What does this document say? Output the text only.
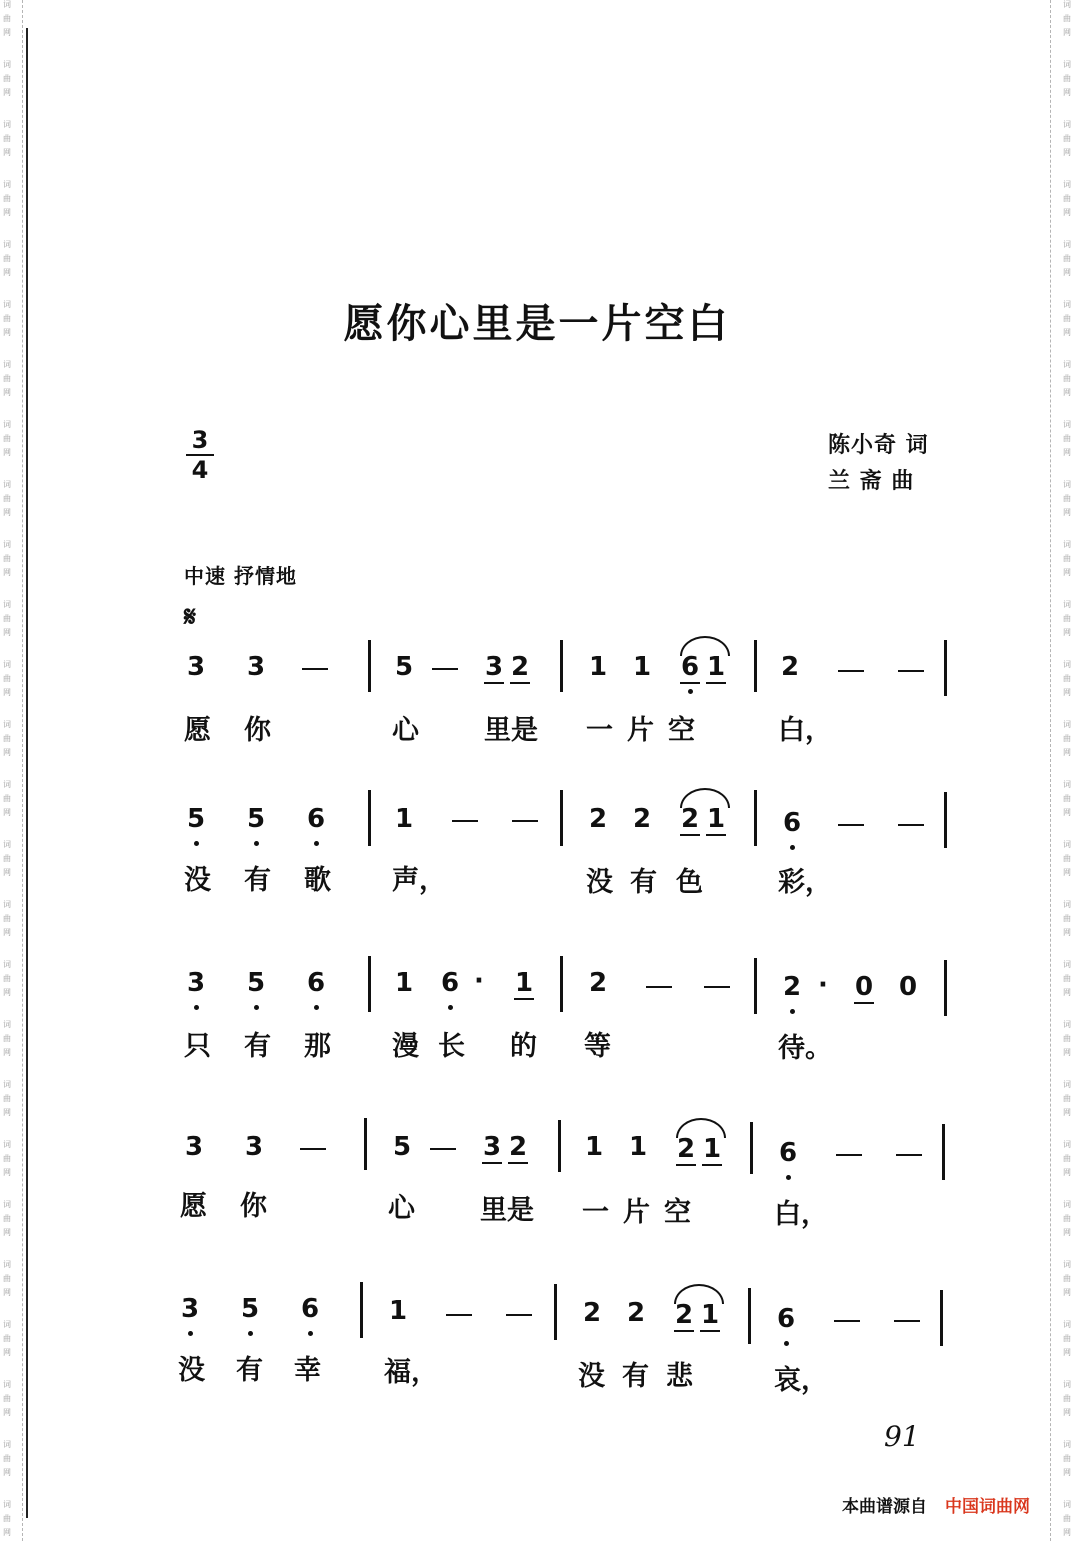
词
曲
网
词
曲
网
词
曲
网
词
曲
网
词
曲
网
词
曲
网
词
曲
网
词
曲
网
词
曲
网
词
曲
网
词
曲
网
词
曲
网
词
曲
网
词
曲
网
词
曲
网
词
曲
网
词
曲
网
词
曲
网
词
曲
网
词
曲
网
词
曲
网
词
曲
网
词
曲
网
词
曲
网
词
曲
网
词
曲
网
词
曲
网
词
曲
网
词
曲
网
词
曲
网
词
曲
网
词
曲
网
词
曲
网
词
曲
网
词
曲
网
词
曲
网
词
曲
网
词
曲
网
词
曲
网
词
曲
网
词
曲
网
词
曲
网
词
曲
网
词
曲
网
词
曲
网
词
曲
网
词
曲
网
词
曲
网
词
曲
网
词
曲
网
词
曲
网
词
曲
网
愿你心里是一片空白
$\frac{3}{4}$	陈小奇 词
兰 斋 曲
中速 抒情地
𝄋
3 3	5	3 2 1 1 6 1 2
愿 你	心 里是 一片空	白，
5 5 6	1	2 2 2 1 6
没 有 歌 声，	没 有 色	彩，
3 5 6	1 6 · 1 2	2 · 0 0
只 有 那 漫 长 的 等	待。
3 3	5	3 2 1 1 2 1 6
愿 你	心 里是 一片空	白，
3 5 6	1	2 2 2 1 6
没 有 幸 福，	没 有 悲	哀，
91
本曲谱源自 中国词曲网
